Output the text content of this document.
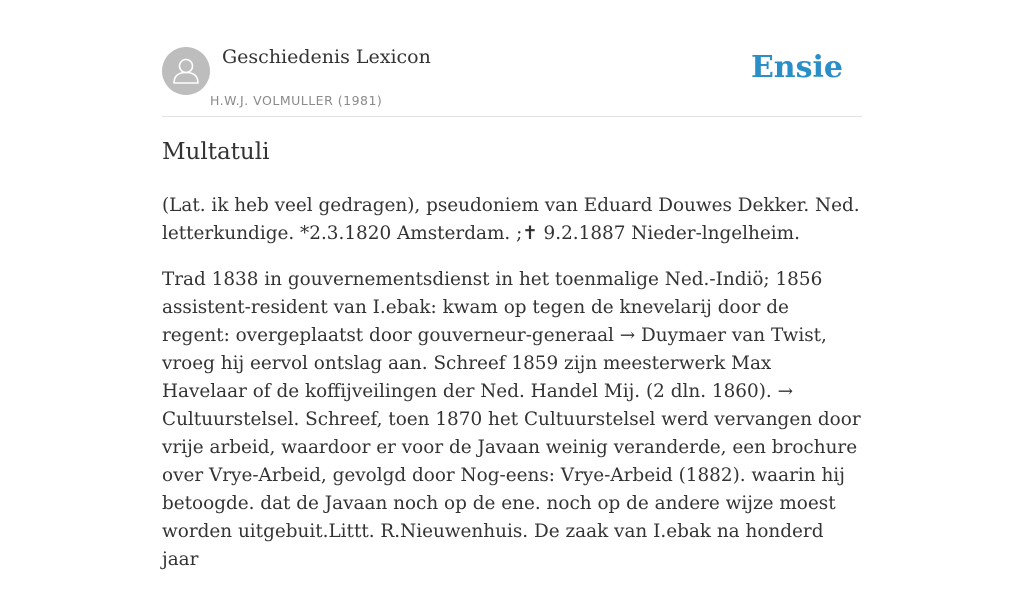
Geschiedenis Lexicon
H.W.J. VOLMULLER (1981)
Ensie
Multatuli

(Lat. ik heb veel gedragen), pseudoniem van Eduard Douwes Dekker. Ned. letterkundige. *2.3.1820 Amsterdam. ;✝ 9.2.1887 Nieder-lngelheim.

Trad 1838 in gouvernementsdienst in het toenmalige Ned.-Indiö; 1856 assistent-resident van I.ebak: kwam op tegen de knevelarij door de regent: overgeplaatst door gouverneur-generaal → Duymaer van Twist, vroeg hij eervol ontslag aan. Schreef 1859 zijn meesterwerk Max Havelaar of de koffijveilingen der Ned. Handel Mij. (2 dln. 1860). → Cultuurstelsel. Schreef, toen 1870 het Cultuurstelsel werd vervangen door vrije arbeid, waardoor er voor de Javaan weinig veranderde, een brochure over Vrye-Arbeid, gevolgd door Nog-eens: Vrye-Arbeid (1882). waarin hij betoogde. dat de Javaan noch op de ene. noch op de andere wijze moest worden uitgebuit.Littt. R.Nieuwenhuis. De zaak van I.ebak na honderd jaar
